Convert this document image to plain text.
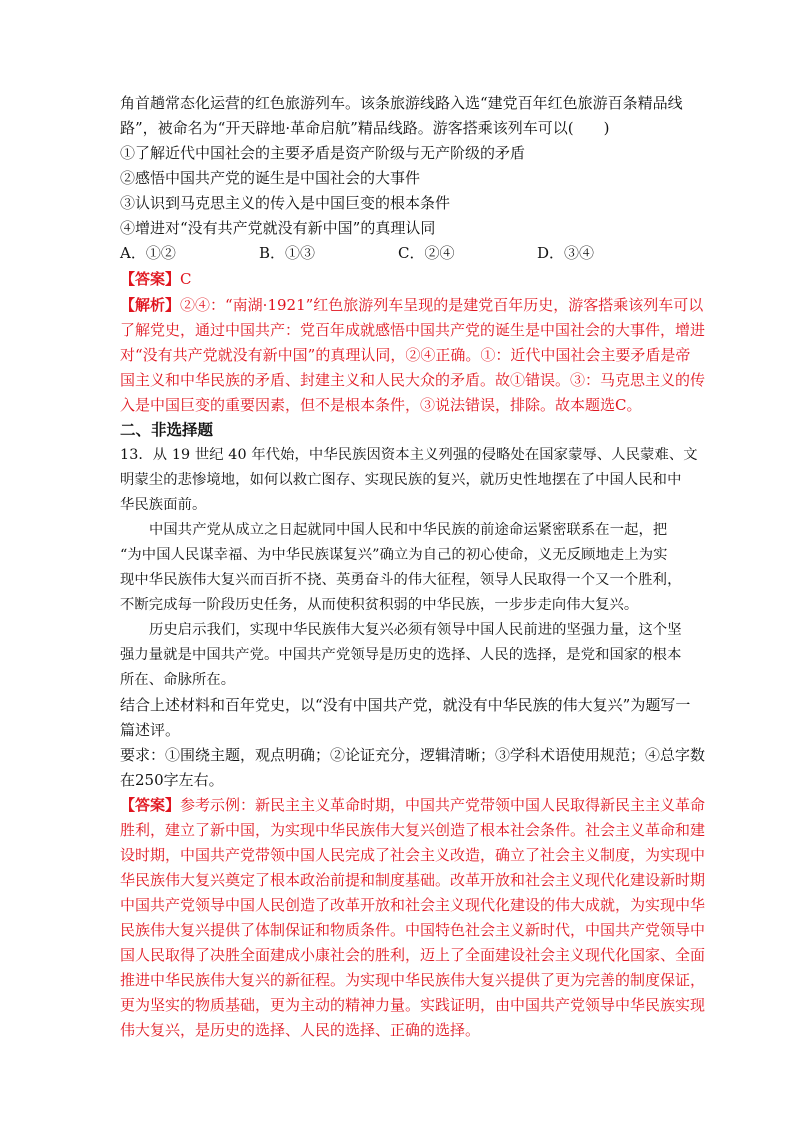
角首趟常态化运营的红色旅游列车。该条旅游线路入选“建党百年红色旅游百条精品线

路”，被命名为“开天辟地·革命启航”精品线路。游客搭乘该列车可以(　　)

①了解近代中国社会的主要矛盾是资产阶级与无产阶级的矛盾

②感悟中国共产党的诞生是中国社会的大事件

③认识到马克思主义的传入是中国巨变的根本条件

④增进对“没有共产党就没有新中国”的真理认同

A．①②	B．①③	C．②④	D．③④

【答案】C

【解析】②④：“南湖·1921”红色旅游列车呈现的是建党百年历史，游客搭乘该列车可以

了解党史，通过中国共产：党百年成就感悟中国共产党的诞生是中国社会的大事件，增进

对“没有共产党就没有新中国”的真理认同，②④正确。①：近代中国社会主要矛盾是帝

国主义和中华民族的矛盾、封建主义和人民大众的矛盾。故①错误。③：马克思主义的传

入是中国巨变的重要因素，但不是根本条件，③说法错误，排除。故本题选C。

二、非选择题

13．从 19 世纪 40 年代始，中华民族因资本主义列强的侵略处在国家蒙辱、人民蒙难、文

明蒙尘的悲惨境地，如何以救亡图存、实现民族的复兴，就历史性地摆在了中国人民和中

华民族面前。

中国共产党从成立之日起就同中国人民和中华民族的前途命运紧密联系在一起，把

“为中国人民谋幸福、为中华民族谋复兴”确立为自己的初心使命，义无反顾地走上为实

现中华民族伟大复兴而百折不挠、英勇奋斗的伟大征程，领导人民取得一个又一个胜利，

不断完成每一阶段历史任务，从而使积贫积弱的中华民族，一步步走向伟大复兴。

历史启示我们，实现中华民族伟大复兴必须有领导中国人民前进的坚强力量，这个坚

强力量就是中国共产党。中国共产党领导是历史的选择、人民的选择，是党和国家的根本

所在、命脉所在。

结合上述材料和百年党史，以“没有中国共产党，就没有中华民族的伟大复兴”为题写一

篇述评。

要求：①围绕主题，观点明确；②论证充分，逻辑清晰；③学科术语使用规范；④总字数

在250字左右。

【答案】参考示例：新民主主义革命时期，中国共产党带领中国人民取得新民主主义革命

胜利，建立了新中国，为实现中华民族伟大复兴创造了根本社会条件。社会主义革命和建

设时期，中国共产党带领中国人民完成了社会主义改造，确立了社会主义制度，为实现中

华民族伟大复兴奠定了根本政治前提和制度基础。改革开放和社会主义现代化建设新时期

中国共产党领导中国人民创造了改革开放和社会主义现代化建设的伟大成就，为实现中华

民族伟大复兴提供了体制保证和物质条件。中国特色社会主义新时代，中国共产党领导中

国人民取得了决胜全面建成小康社会的胜利，迈上了全面建设社会主义现代化国家、全面

推进中华民族伟大复兴的新征程。为实现中华民族伟大复兴提供了更为完善的制度保证，

更为坚实的物质基础，更为主动的精神力量。实践证明，由中国共产党领导中华民族实现

伟大复兴，是历史的选择、人民的选择、正确的选择。
